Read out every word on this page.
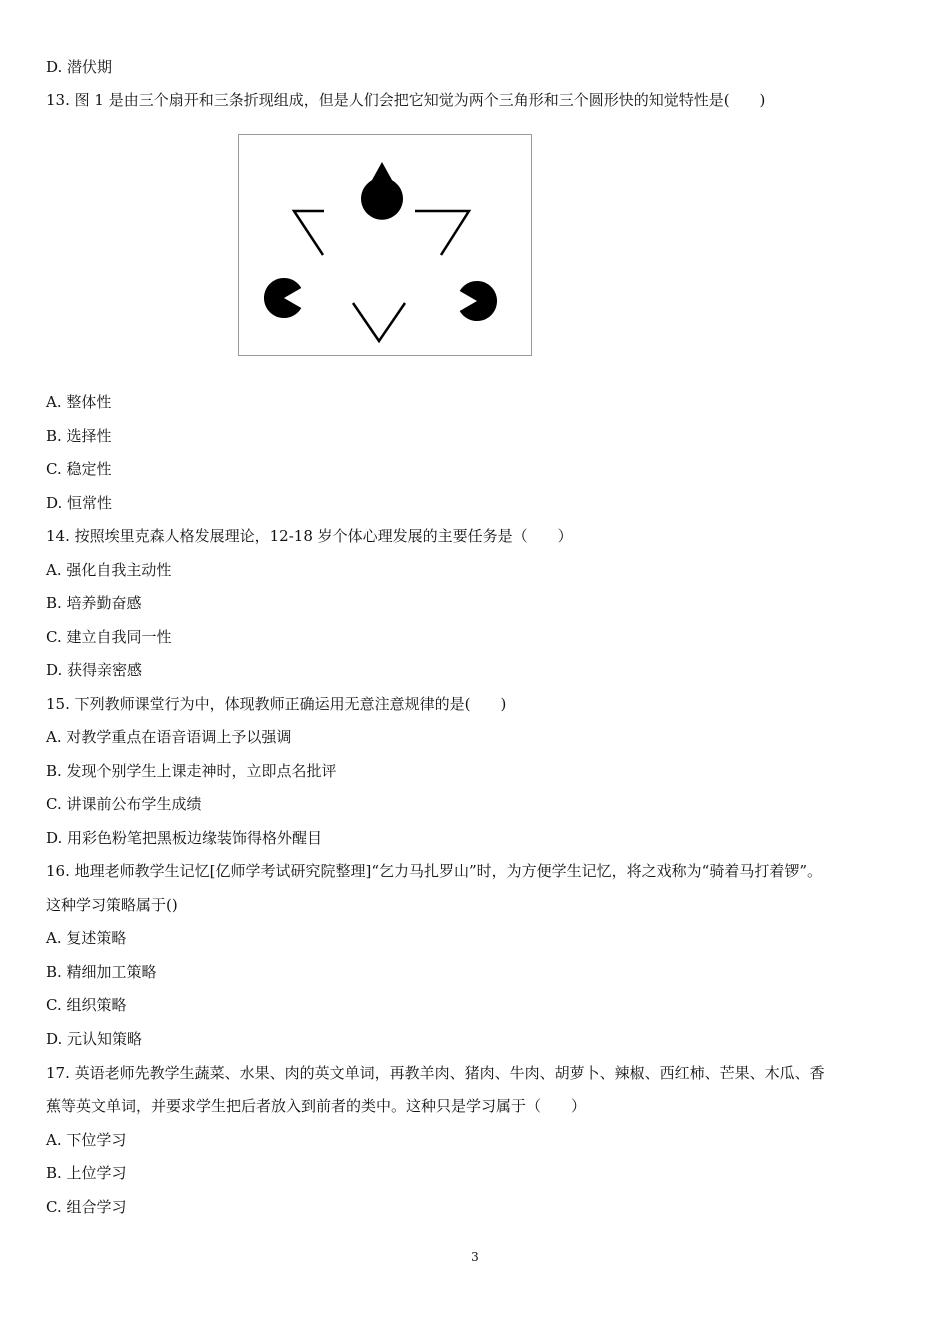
D. 潜伏期
13. 图 1 是由三个扇开和三条折现组成，但是人们会把它知觉为两个三角形和三个圆形快的知觉特性是(　　)
A. 整体性
B. 选择性
C. 稳定性
D. 恒常性
14. 按照埃里克森人格发展理论，12-18 岁个体心理发展的主要任务是（　　）
A. 强化自我主动性
B. 培养勤奋感
C. 建立自我同一性
D. 获得亲密感
15. 下列教师课堂行为中，体现教师正确运用无意注意规律的是(　　)
A. 对教学重点在语音语调上予以强调
B. 发现个别学生上课走神时，立即点名批评
C. 讲课前公布学生成绩
D. 用彩色粉笔把黑板边缘装饰得格外醒目
16. 地理老师教学生记忆[亿师学考试研究院整理]“乞力马扎罗山”时，为方便学生记忆，将之戏称为“骑着马打着锣”。
这种学习策略属于()
A. 复述策略
B. 精细加工策略
C. 组织策略
D. 元认知策略
17. 英语老师先教学生蔬菜、水果、肉的英文单词，再教羊肉、猪肉、牛肉、胡萝卜、辣椒、西红柿、芒果、木瓜、香
蕉等英文单词，并要求学生把后者放入到前者的类中。这种只是学习属于（　　）
A. 下位学习
B. 上位学习
C. 组合学习
3
